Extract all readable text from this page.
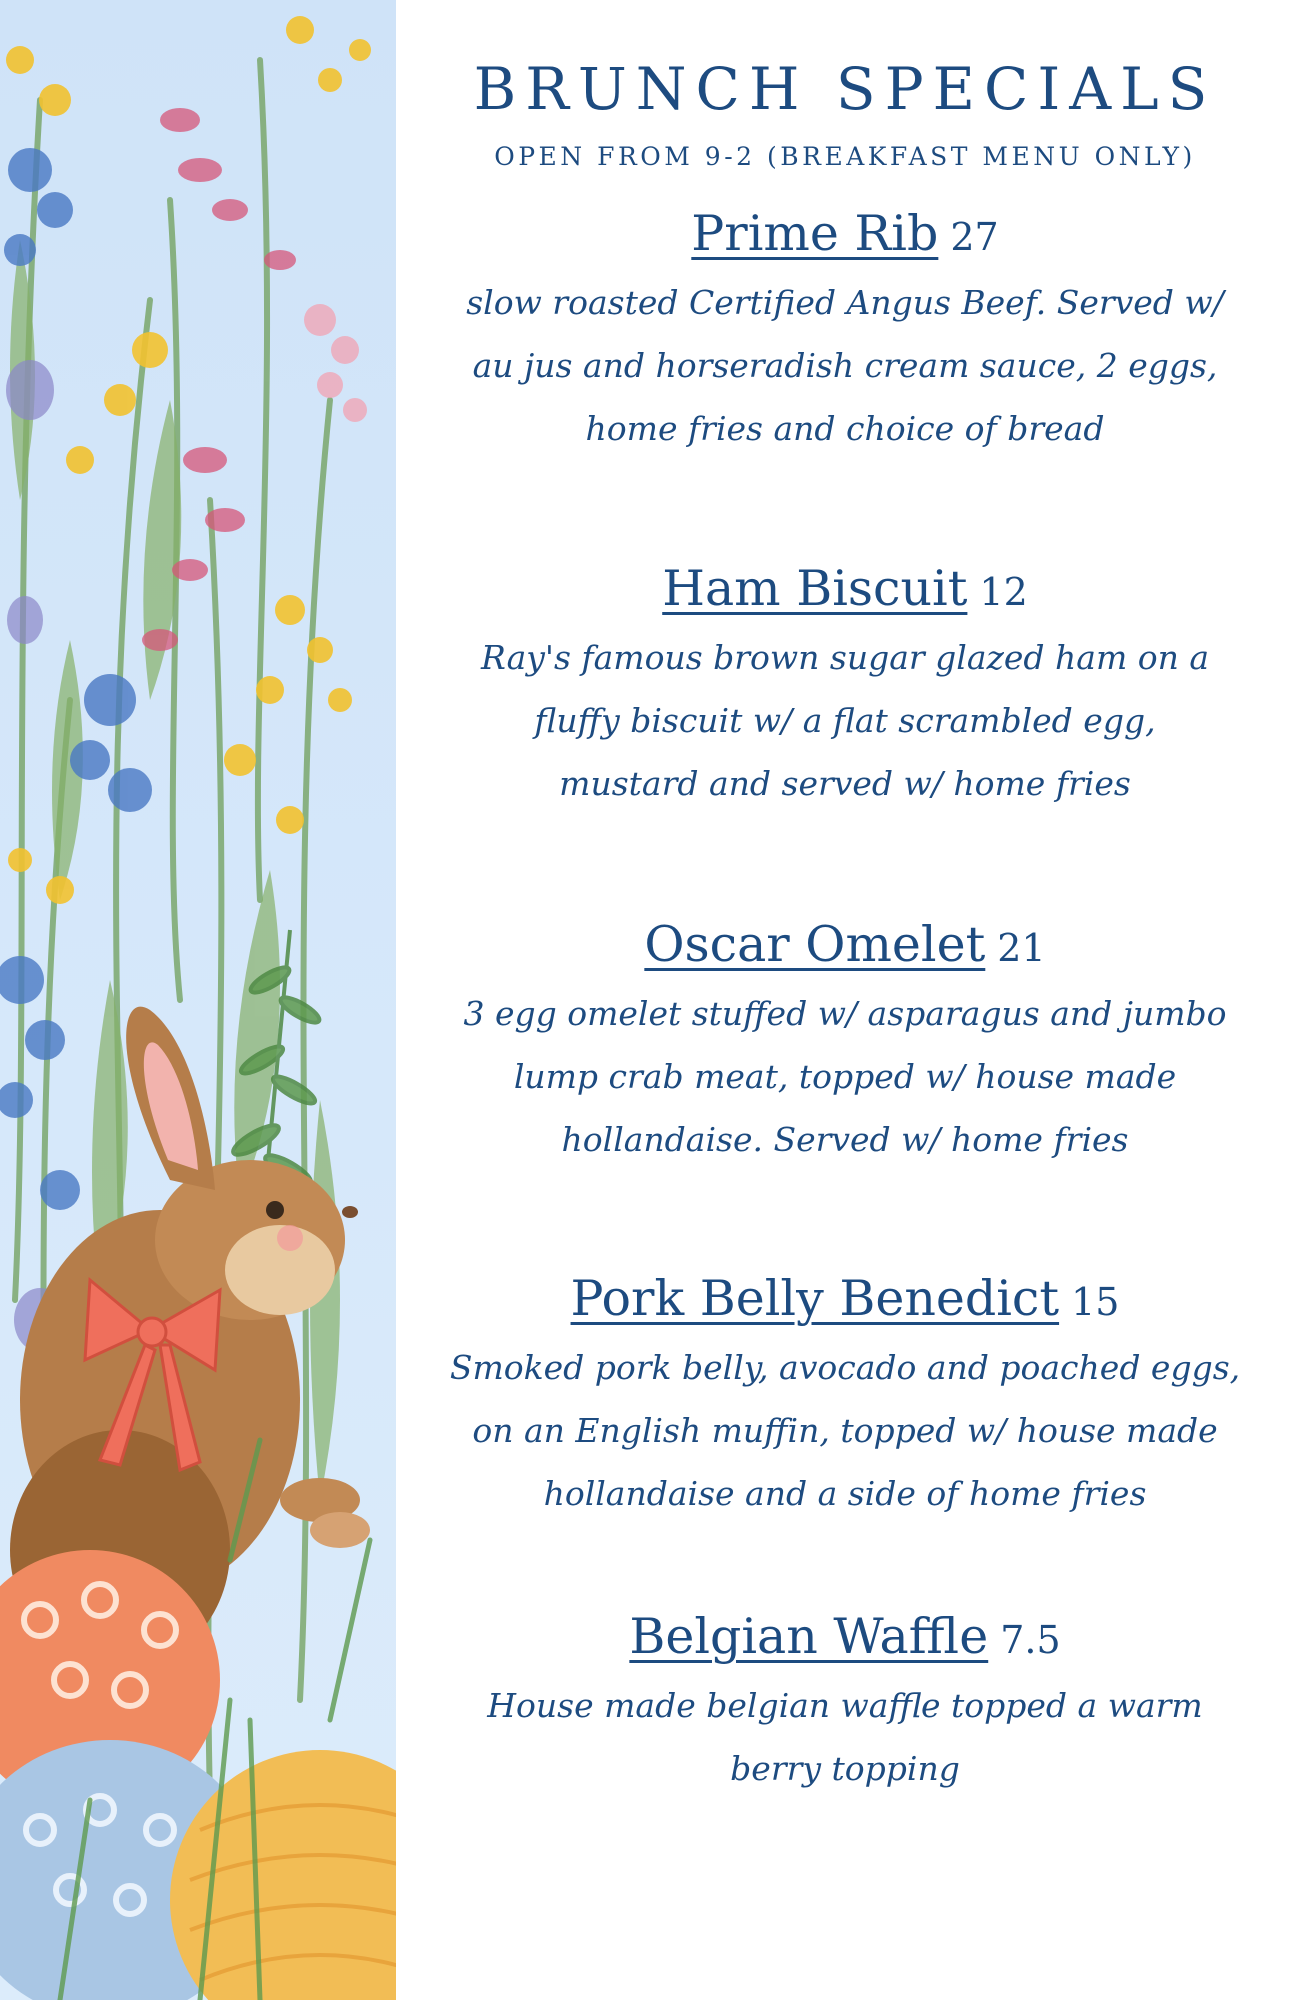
BRUNCH SPECIALS

OPEN FROM 9-2 (BREAKFAST MENU ONLY)

Prime Rib 27
slow roasted Certified Angus Beef. Served w/
au jus and horseradish cream sauce, 2 eggs,
home fries and choice of bread
Ham Biscuit 12
Ray's famous brown sugar glazed ham on a
fluffy biscuit w/ a flat scrambled egg,
mustard and served w/ home fries
Oscar Omelet 21
3 egg omelet stuffed w/ asparagus and jumbo
lump crab meat, topped w/ house made
hollandaise. Served w/ home fries
Pork Belly Benedict 15
Smoked pork belly, avocado and poached eggs,
on an English muffin, topped w/ house made
hollandaise and a side of home fries
Belgian Waffle 7.5
House made belgian waffle topped a warm
berry topping
